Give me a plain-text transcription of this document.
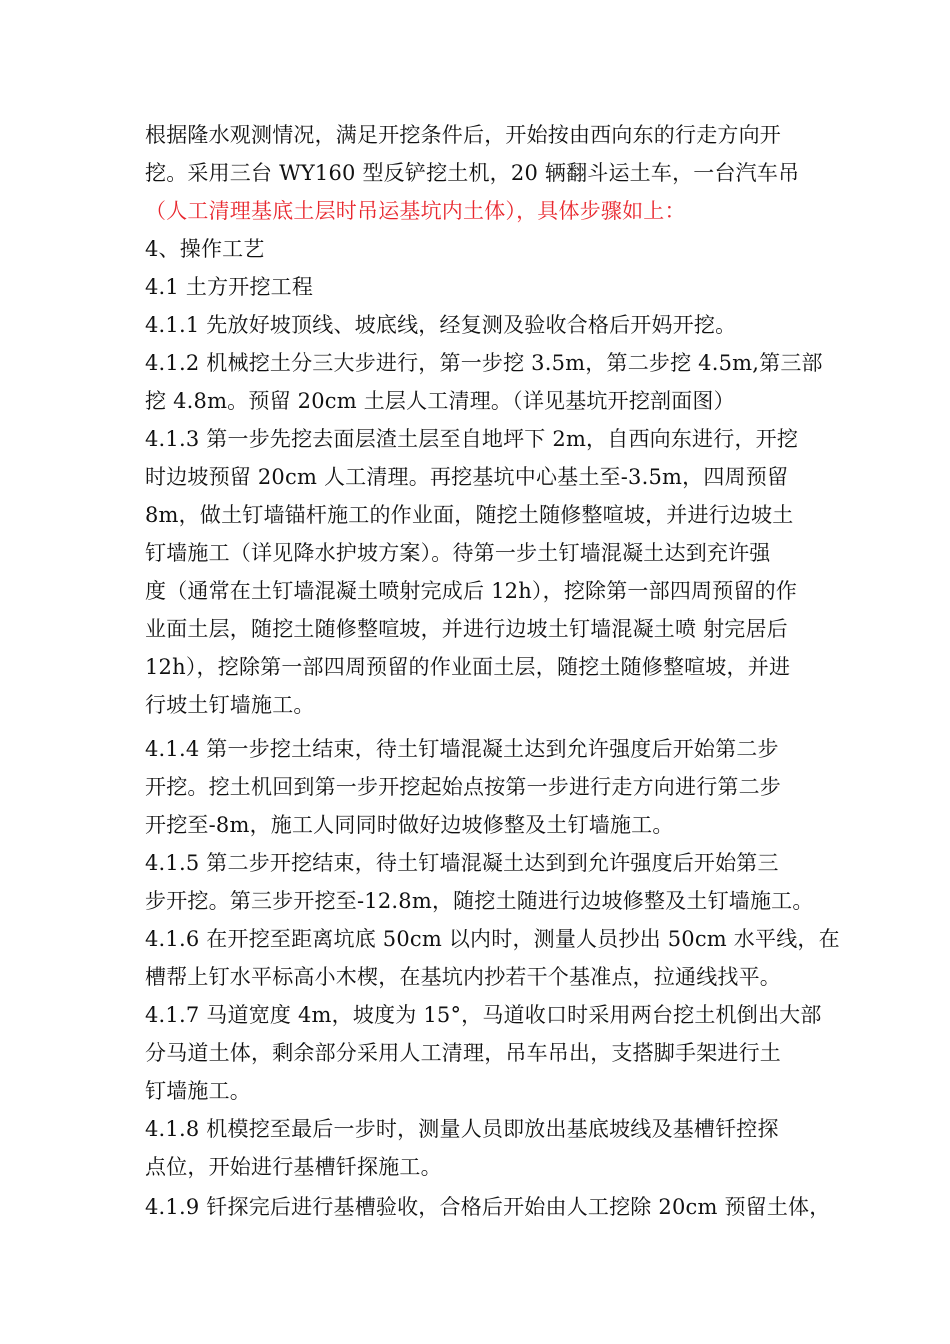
根据隆水观测情况，满足开挖条件后，开始按由西向东的行走方向开
挖。采用三台 WY160 型反铲挖土机，20 辆翻斗运土车，一台汽车吊
（人工清理基底土层时吊运基坑内土体），具体步骤如上：
4、操作工艺
4.1 土方开挖工程
4.1.1 先放好坡顶线、坡底线，经复测及验收合格后开妈开挖。
4.1.2 机械挖土分三大步进行，第一步挖 3.5m，第二步挖 4.5m,第三部
挖 4.8m。预留 20cm 土层人工清理。（详见基坑开挖剖面图）
4.1.3 第一步先挖去面层渣土层至自地坪下 2m，自西向东进行，开挖
时边坡预留 20cm 人工清理。再挖基坑中心基土至-3.5m，四周预留
8m，做土钉墙锚杆施工的作业面，随挖土随修整喧坡，并进行边坡土
钉墙施工（详见降水护坡方案）。待第一步土钉墙混凝土达到充许强
度（通常在土钉墙混凝土喷射完成后 12h），挖除第一部四周预留的作
业面土层，随挖土随修整喧坡，并进行边坡土钉墙混凝土喷 射完居后
12h），挖除第一部四周预留的作业面土层，随挖土随修整喧坡，并进
行坡土钉墙施工。
4.1.4 第一步挖土结束，待土钉墙混凝土达到允许强度后开始第二步
开挖。挖土机回到第一步开挖起始点按第一步进行走方向进行第二步
开挖至-8m，施工人同同时做好边坡修整及土钉墙施工。
4.1.5 第二步开挖结束，待土钉墙混凝土达到到允许强度后开始第三
步开挖。第三步开挖至-12.8m，随挖土随进行边坡修整及土钉墙施工。
4.1.6 在开挖至距离坑底 50cm 以内时，测量人员抄出 50cm 水平线，在
槽帮上钉水平标高小木楔，在基坑内抄若干个基准点，拉通线找平。
4.1.7 马道宽度 4m，坡度为 15°，马道收口时采用两台挖土机倒出大部
分马道土体，剩余部分采用人工清理，吊车吊出，支搭脚手架进行土
钉墙施工。
4.1.8 机模挖至最后一步时，测量人员即放出基底坡线及基槽钎控探
点位，开始进行基槽钎探施工。
4.1.9 钎探完后进行基槽验收，合格后开始由人工挖除 20cm 预留土体，
